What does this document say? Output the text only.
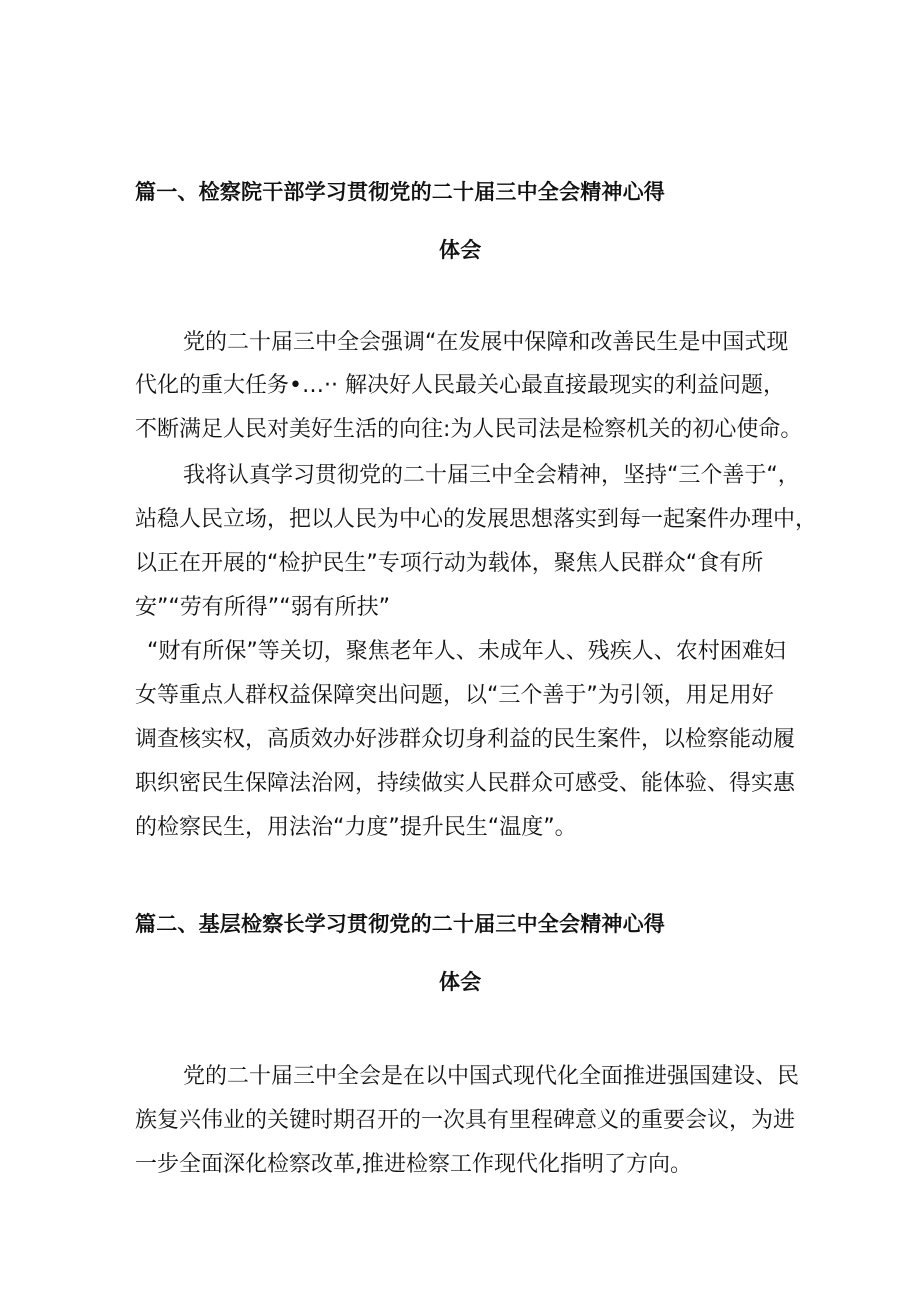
篇一、检察院干部学习贯彻党的二十届三中全会精神心得
体会

党的二十届三中全会强调“在发展中保障和改善民生是中国式现

代化的重大任务•…·· 解决好人民最关心最直接最现实的利益问题，

不断满足人民对美好生活的向往:为人民司法是检察机关的初心使命。

我将认真学习贯彻党的二十届三中全会精神，坚持“三个善于“，

站稳人民立场，把以人民为中心的发展思想落实到每一起案件办理中，

以正在开展的“检护民生”专项行动为载体，聚焦人民群众“食有所

安”“劳有所得”“弱有所扶”

“财有所保”等关切，聚焦老年人、未成年人、残疾人、农村困难妇

女等重点人群权益保障突出问题，以“三个善于”为引领，用足用好

调查核实权，高质效办好涉群众切身利益的民生案件，以检察能动履

职织密民生保障法治网，持续做实人民群众可感受、能体验、得实惠

的检察民生，用法治“力度”提升民生“温度”。

篇二、基层检察长学习贯彻党的二十届三中全会精神心得
体会

党的二十届三中全会是在以中国式现代化全面推进强国建设、民

族复兴伟业的关键时期召开的一次具有里程碑意义的重要会议，为进

一步全面深化检察改革,推进检察工作现代化指明了方向。
